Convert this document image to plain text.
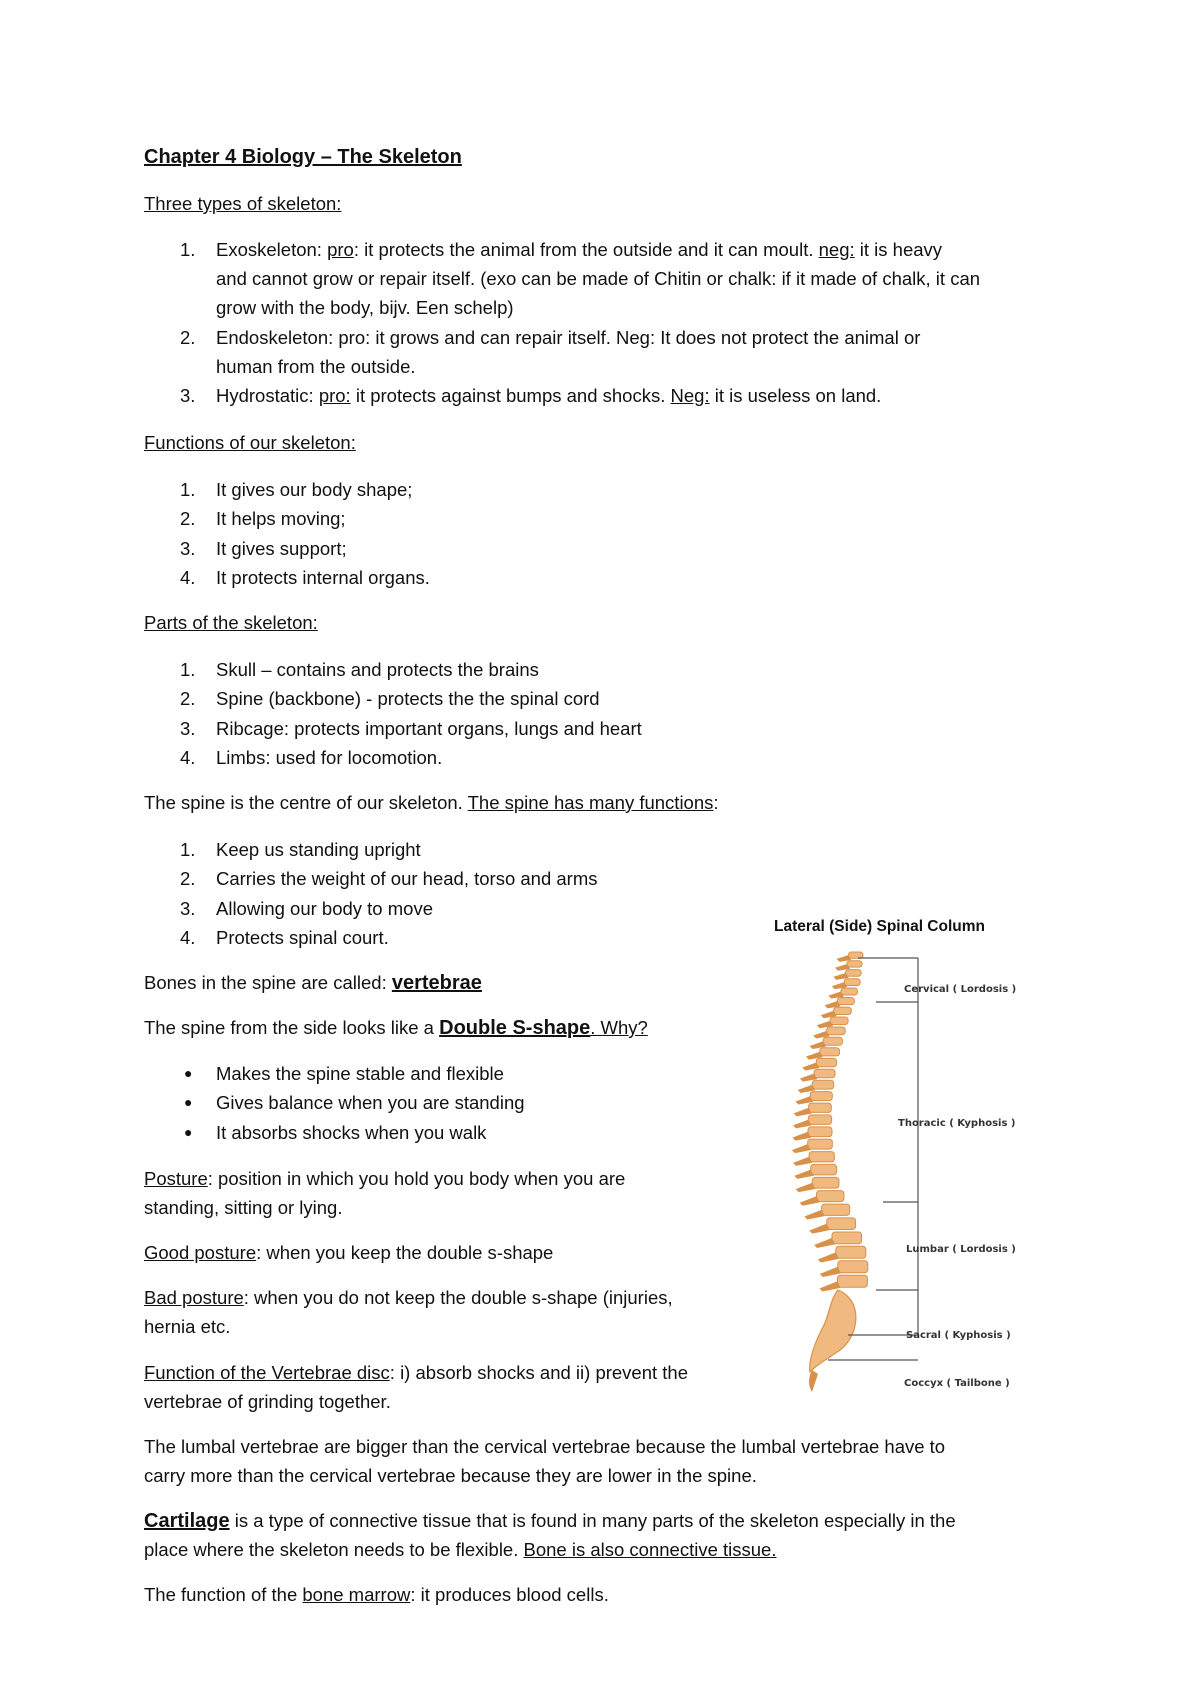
Chapter 4 Biology – The Skeleton
Three types of skeleton:
1.	Exoskeleton: pro: it protects the animal from the outside and it can moult. neg: it is heavy
and cannot grow or repair itself. (exo can be made of Chitin or chalk: if it made of chalk, it can
grow with the body, bijv. Een schelp)
2.	Endoskeleton: pro: it grows and can repair itself. Neg: It does not protect the animal or
human from the outside.
3.	Hydrostatic: pro: it protects against bumps and shocks. Neg: it is useless on land.
Functions of our skeleton:
1.	It gives our body shape;
2.	It helps moving;
3.	It gives support;
4.	It protects internal organs.
Parts of the skeleton:
1.	Skull – contains and protects the brains
2.	Spine (backbone) - protects the the spinal cord
3.	Ribcage: protects important organs, lungs and heart
4.	Limbs: used for locomotion.
The spine is the centre of our skeleton. The spine has many functions:
1.	Keep us standing upright
2.	Carries the weight of our head, torso and arms
3.	Allowing our body to move
4.	Protects spinal court.
Bones in the spine are called: vertebrae
The spine from the side looks like a Double S-shape. Why?
● Makes the spine stable and flexible
● Gives balance when you are standing
● It absorbs shocks when you walk
Posture: position in which you hold you body when you are
standing, sitting or lying.
Good posture: when you keep the double s-shape
Bad posture: when you do not keep the double s-shape (injuries,
hernia etc.
Function of the Vertebrae disc: i) absorb shocks and ii) prevent the
vertebrae of grinding together.
The lumbal vertebrae are bigger than the cervical vertebrae because the lumbal vertebrae have to
carry more than the cervical vertebrae because they are lower in the spine.
Cartilage is a type of connective tissue that is found in many parts of the skeleton especially in the
place where the skeleton needs to be flexible. Bone is also connective tissue.
The function of the bone marrow: it produces blood cells.
Lateral (Side) Spinal Column
Cervical ( Lordosis )
Thoracic ( Kyphosis )
Lumbar ( Lordosis )
Sacral ( Kyphosis )
Coccyx ( Tailbone )
